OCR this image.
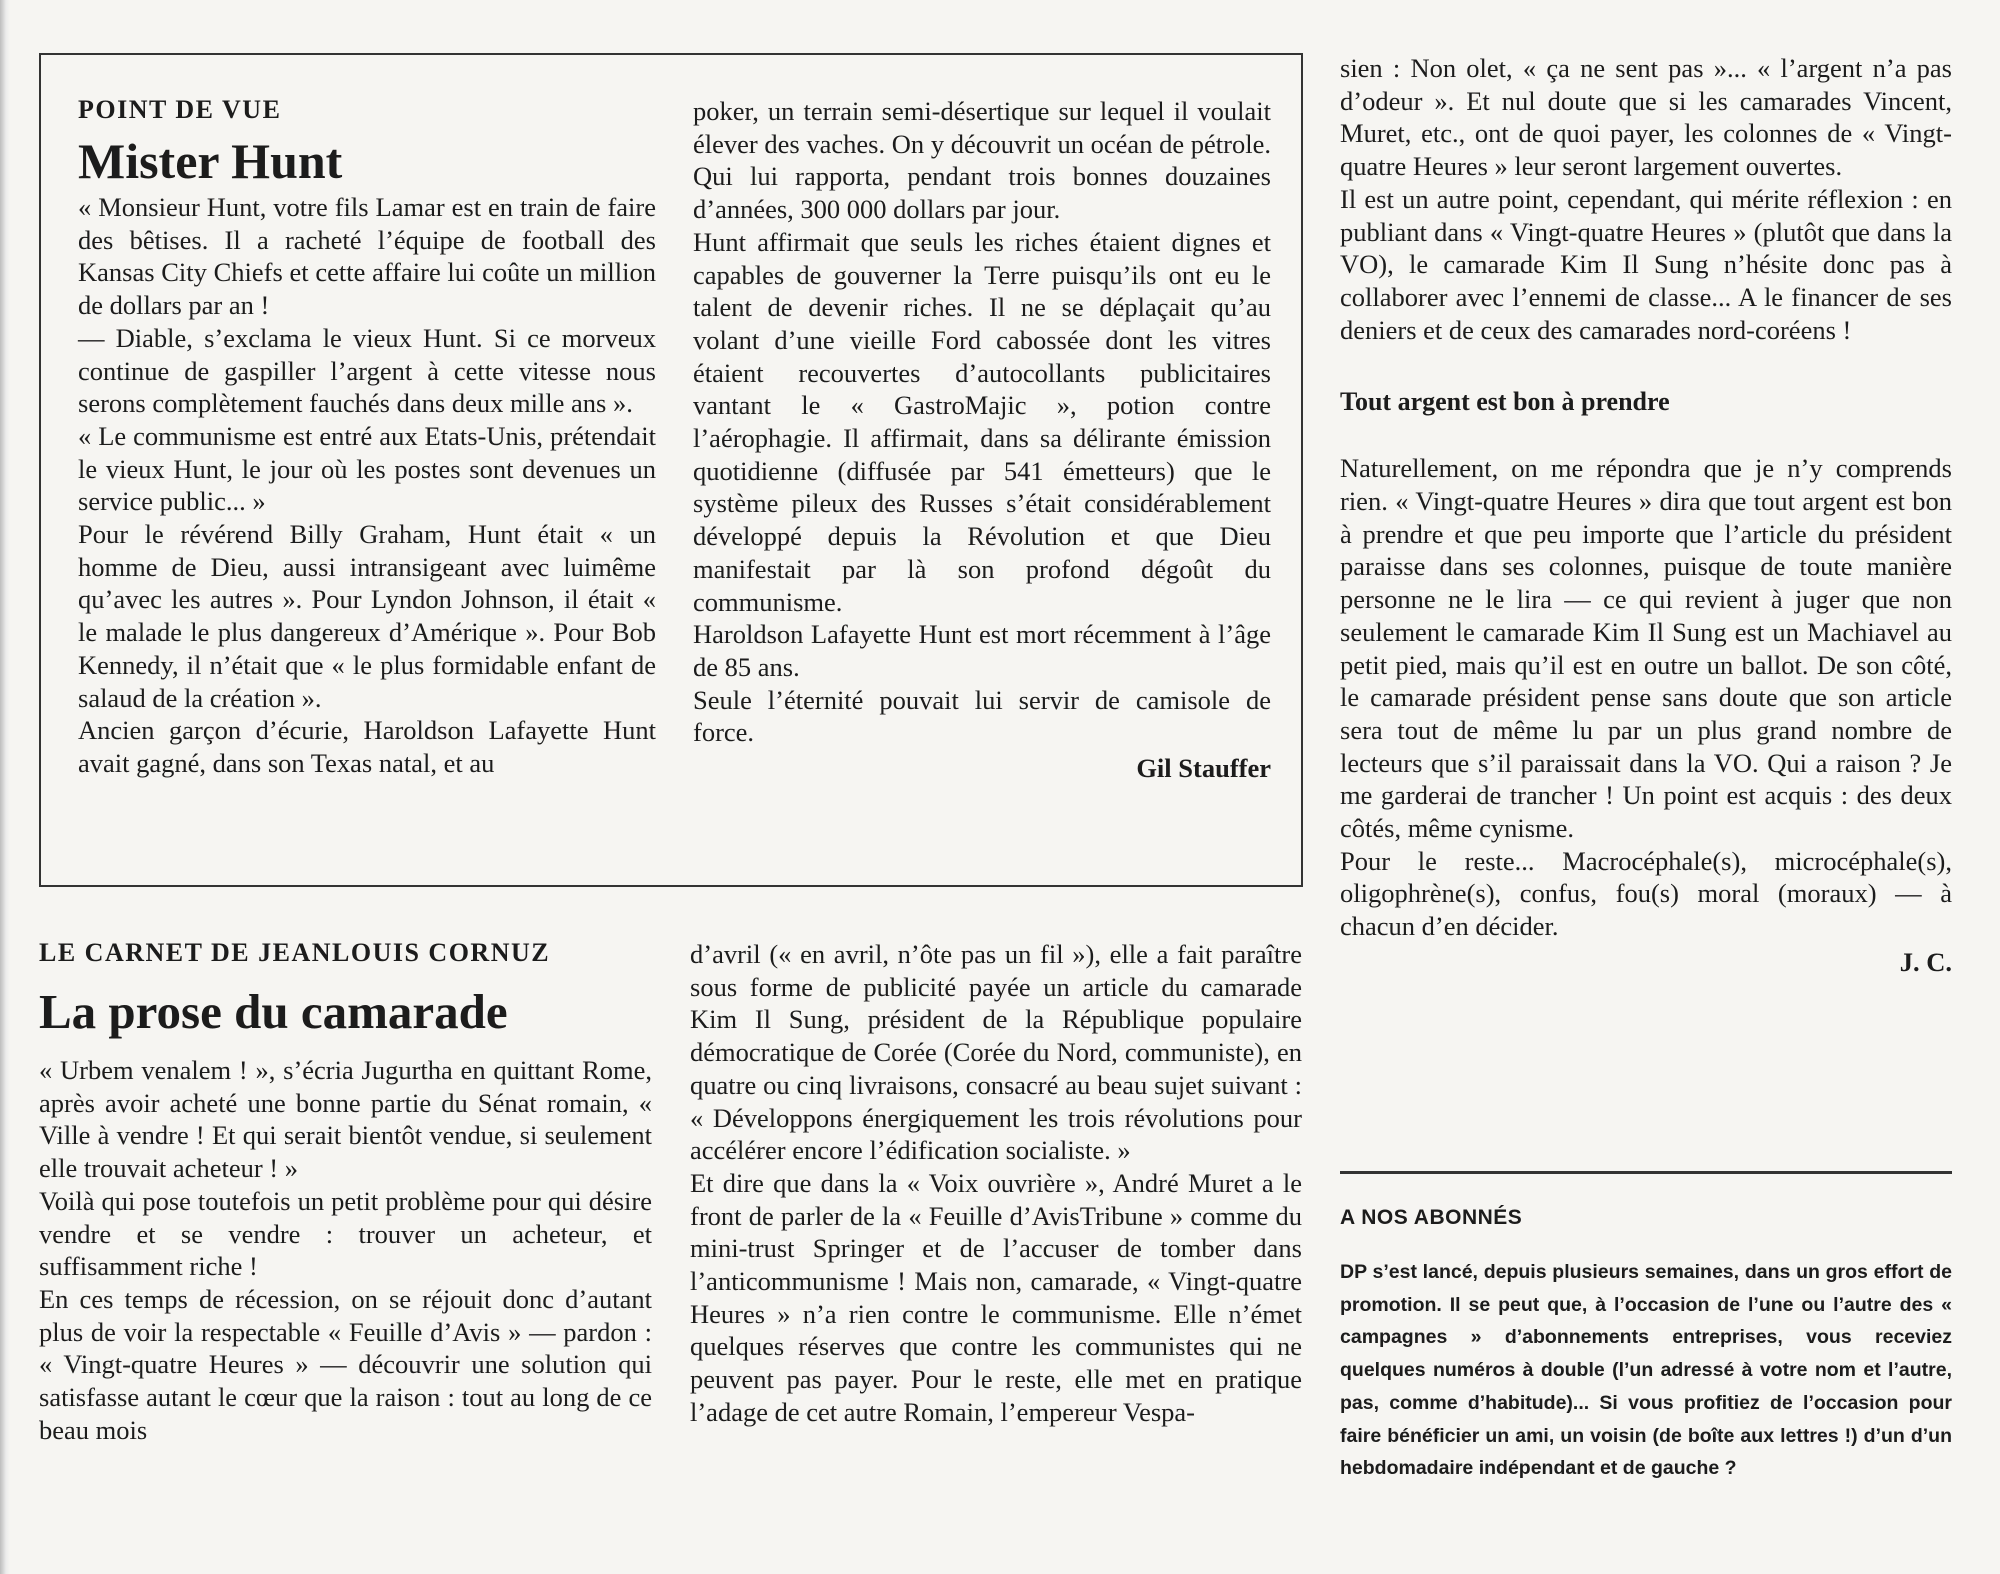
POINT DE VUE
Mister Hunt

« Monsieur Hunt, votre fils Lamar est en train de faire des bêtises. Il a racheté l’équipe de football des Kansas City Chiefs et cette affaire lui coûte un million de dollars par an !

— Diable, s’exclama le vieux Hunt. Si ce morveux continue de gaspiller l’argent à cette vitesse nous serons complètement fauchés dans deux mille ans ».

« Le communisme est entré aux Etats-Unis, prétendait le vieux Hunt, le jour où les postes sont devenues un service public... »

Pour le révérend Billy Graham, Hunt était « un homme de Dieu, aussi intransigeant avec luimême qu’avec les autres ». Pour Lyndon Johnson, il était « le malade le plus dangereux d’Amérique ». Pour Bob Kennedy, il n’était que « le plus formidable enfant de salaud de la création ».

Ancien garçon d’écurie, Haroldson Lafayette Hunt avait gagné, dans son Texas natal, et au

poker, un terrain semi-désertique sur lequel il voulait élever des vaches. On y découvrit un océan de pétrole. Qui lui rapporta, pendant trois bonnes douzaines d’années, 300 000 dollars par jour.

Hunt affirmait que seuls les riches étaient dignes et capables de gouverner la Terre puisqu’ils ont eu le talent de devenir riches. Il ne se déplaçait qu’au volant d’une vieille Ford cabossée dont les vitres étaient recouvertes d’autocollants publicitaires vantant le « GastroMajic », potion contre l’aérophagie. Il affirmait, dans sa délirante émission quotidienne (diffusée par 541 émetteurs) que le système pileux des Russes s’était considérablement développé depuis la Révolution et que Dieu manifestait par là son profond dégoût du communisme.

Haroldson Lafayette Hunt est mort récemment à l’âge de 85 ans.

Seule l’éternité pouvait lui servir de camisole de force.

Gil Stauffer
LE CARNET DE JEANLOUIS CORNUZ
La prose du camarade

« Urbem venalem ! », s’écria Jugurtha en quittant Rome, après avoir acheté une bonne partie du Sénat romain, « Ville à vendre ! Et qui serait bientôt vendue, si seulement elle trouvait acheteur ! »

Voilà qui pose toutefois un petit problème pour qui désire vendre et se vendre : trouver un acheteur, et suffisamment riche !

En ces temps de récession, on se réjouit donc d’autant plus de voir la respectable « Feuille d’Avis » — pardon : « Vingt-quatre Heures » — découvrir une solution qui satisfasse autant le cœur que la raison : tout au long de ce beau mois

d’avril (« en avril, n’ôte pas un fil »), elle a fait paraître sous forme de publicité payée un article du camarade Kim Il Sung, président de la République populaire démocratique de Corée (Corée du Nord, communiste), en quatre ou cinq livraisons, consacré au beau sujet suivant : « Développons énergiquement les trois révolutions pour accélérer encore l’édification socialiste. »

Et dire que dans la « Voix ouvrière », André Muret a le front de parler de la « Feuille d’AvisTribune » comme du mini-trust Springer et de l’accuser de tomber dans l’anticommunisme ! Mais non, camarade, « Vingt-quatre Heures » n’a rien contre le communisme. Elle n’émet quelques réserves que contre les communistes qui ne peuvent pas payer. Pour le reste, elle met en pratique l’adage de cet autre Romain, l’empereur Vespa-

sien : Non olet, « ça ne sent pas »... « l’argent n’a pas d’odeur ». Et nul doute que si les camarades Vincent, Muret, etc., ont de quoi payer, les colonnes de « Vingt-quatre Heures » leur seront largement ouvertes.

Il est un autre point, cependant, qui mérite réflexion : en publiant dans « Vingt-quatre Heures » (plutôt que dans la VO), le camarade Kim Il Sung n’hésite donc pas à collaborer avec l’ennemi de classe... A le financer de ses deniers et de ceux des camarades nord-coréens !

Tout argent est bon à prendre

Naturellement, on me répondra que je n’y comprends rien. « Vingt-quatre Heures » dira que tout argent est bon à prendre et que peu importe que l’article du président paraisse dans ses colonnes, puisque de toute manière personne ne le lira — ce qui revient à juger que non seulement le camarade Kim Il Sung est un Machiavel au petit pied, mais qu’il est en outre un ballot. De son côté, le camarade président pense sans doute que son article sera tout de même lu par un plus grand nombre de lecteurs que s’il paraissait dans la VO. Qui a raison ? Je me garderai de trancher ! Un point est acquis : des deux côtés, même cynisme.

Pour le reste... Macrocéphale(s), microcéphale(s), oligophrène(s), confus, fou(s) moral (moraux) — à chacun d’en décider.

J. C.
A NOS ABONNÉS

DP s’est lancé, depuis plusieurs semaines, dans un gros effort de promotion. Il se peut que, à l’occasion de l’une ou l’autre des « campagnes » d’abonnements entreprises, vous receviez quelques numéros à double (l’un adressé à votre nom et l’autre, pas, comme d’habitude)... Si vous profitiez de l’occasion pour faire bénéficier un ami, un voisin (de boîte aux lettres !) d’un d’un hebdomadaire indépendant et de gauche ?
